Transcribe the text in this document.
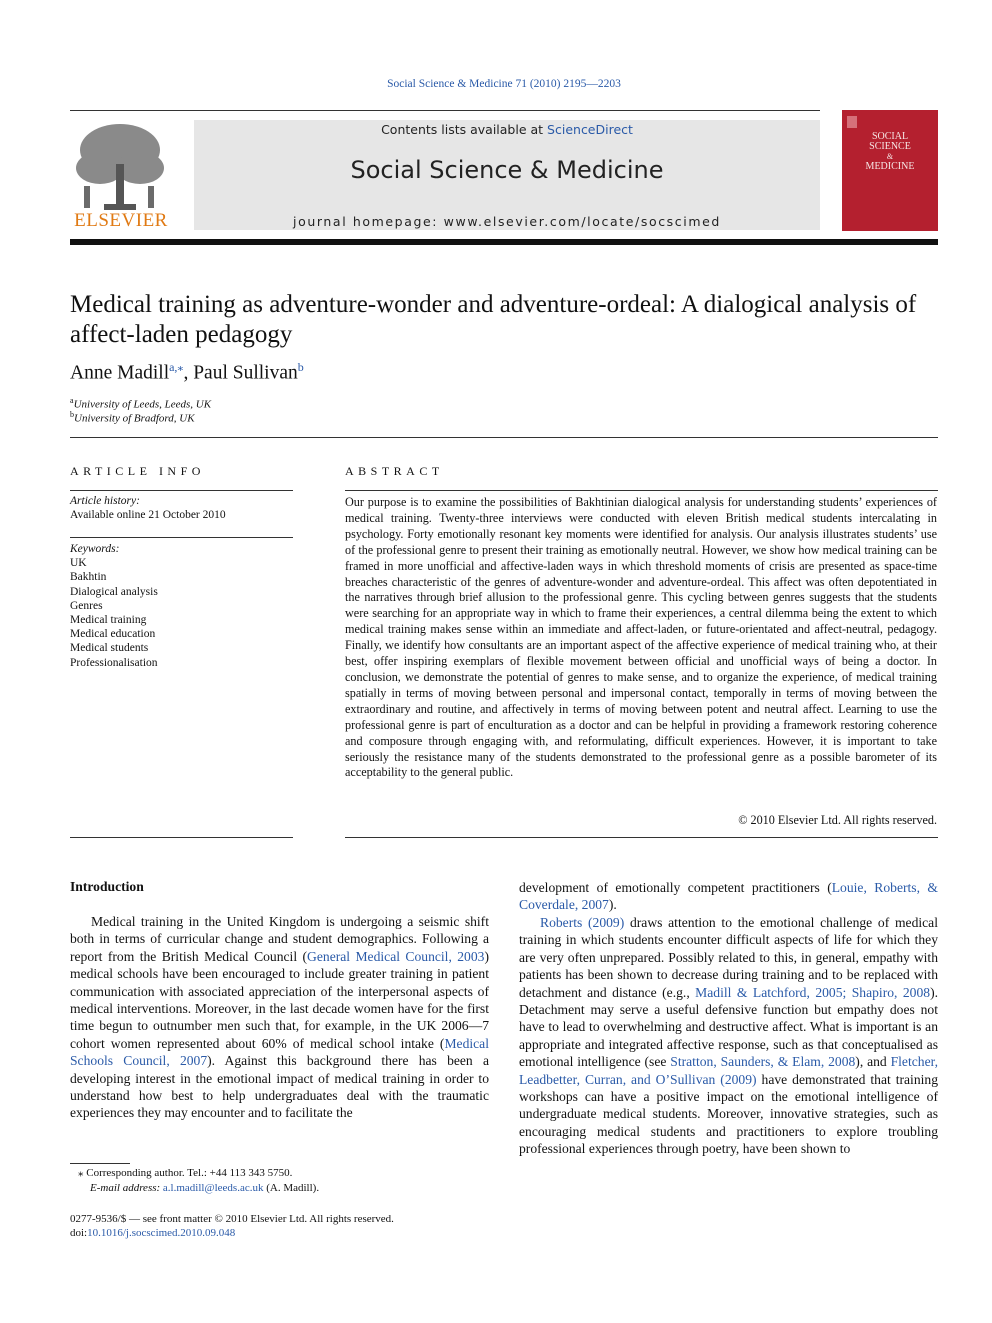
Social Science & Medicine 71 (2010) 2195—2203
ELSEVIER
Contents lists available at ScienceDirect
Social Science & Medicine
journal homepage: www.elsevier.com/locate/socscimed
SOCIAL
SCIENCE
&
MEDICINE
Medical training as adventure-wonder and adventure-ordeal: A dialogical analysis of affect-laden pedagogy
Anne Madill$^{a,⁎}$, Paul Sullivan$^b$
$^a$University of Leeds, Leeds, UK
$^b$University of Bradford, UK
ARTICLE INFO
Article history:
Available online 21 October 2010
Keywords:
UK
Bakhtin
Dialogical analysis
Genres
Medical training
Medical education
Medical students
Professionalisation
ABSTRACT
Our purpose is to examine the possibilities of Bakhtinian dialogical analysis for understanding students’ experiences of medical training. Twenty-three interviews were conducted with eleven British medical students intercalating in psychology. Forty emotionally resonant key moments were identified for analysis. Our analysis illustrates students’ use of the professional genre to present their training as emotionally neutral. However, we show how medical training can be framed in more unofficial and affective-laden ways in which threshold moments of crisis are presented as space-time breaches characteristic of the genres of adventure-wonder and adventure-ordeal. This affect was often depotentiated in the narratives through brief allusion to the professional genre. This cycling between genres suggests that the students were searching for an appropriate way in which to frame their experiences, a central dilemma being the extent to which medical training makes sense within an immediate and affect-laden, or future-orientated and affect-neutral, pedagogy. Finally, we identify how consultants are an important aspect of the affective experience of medical training who, at their best, offer inspiring exemplars of flexible movement between official and unofficial ways of being a doctor. In conclusion, we demonstrate the potential of genres to make sense, and to organize the experience, of medical training spatially in terms of moving between personal and impersonal contact, temporally in terms of moving between the extraordinary and routine, and affectively in terms of moving between potent and neutral affect. Learning to use the professional genre is part of enculturation as a doctor and can be helpful in providing a framework restoring coherence and composure through engaging with, and reformulating, difficult experiences. However, it is important to take seriously the resistance many of the students demonstrated to the professional genre as a possible barometer of its acceptability to the general public.
© 2010 Elsevier Ltd. All rights reserved.
Introduction
Medical training in the United Kingdom is undergoing a seismic shift both in terms of curricular change and student demographics. Following a report from the British Medical Council (General Medical Council, 2003) medical schools have been encouraged to include greater training in patient communication with associated appreciation of the interpersonal aspects of medical interventions. Moreover, in the last decade women have for the first time begun to outnumber men such that, for example, in the UK 2006—7 cohort women represented about 60% of medical school intake (Medical Schools Council, 2007). Against this background there has been a developing interest in the emotional impact of medical training in order to understand how best to help undergraduates deal with the traumatic experiences they may encounter and to facilitate the
⁎ Corresponding author. Tel.: +44 113 343 5750.
E-mail address: a.l.madill@leeds.ac.uk (A. Madill).
0277-9536/$ — see front matter © 2010 Elsevier Ltd. All rights reserved.
doi:10.1016/j.socscimed.2010.09.048
development of emotionally competent practitioners (Louie, Roberts, & Coverdale, 2007).
Roberts (2009) draws attention to the emotional challenge of medical training in which students encounter difficult aspects of life for which they are very often unprepared. Possibly related to this, in general, empathy with patients has been shown to decrease during training and to be replaced with detachment and distance (e.g., Madill & Latchford, 2005; Shapiro, 2008). Detachment may serve a useful defensive function but empathy does not have to lead to overwhelming and destructive affect. What is important is an appropriate and integrated affective response, such as that conceptualised as emotional intelligence (see Stratton, Saunders, & Elam, 2008), and Fletcher, Leadbetter, Curran, and O’Sullivan (2009) have demonstrated that training workshops can have a positive impact on the emotional intelligence of undergraduate medical students. Moreover, innovative strategies, such as encouraging medical students and practitioners to explore troubling professional experiences through poetry, have been shown to
